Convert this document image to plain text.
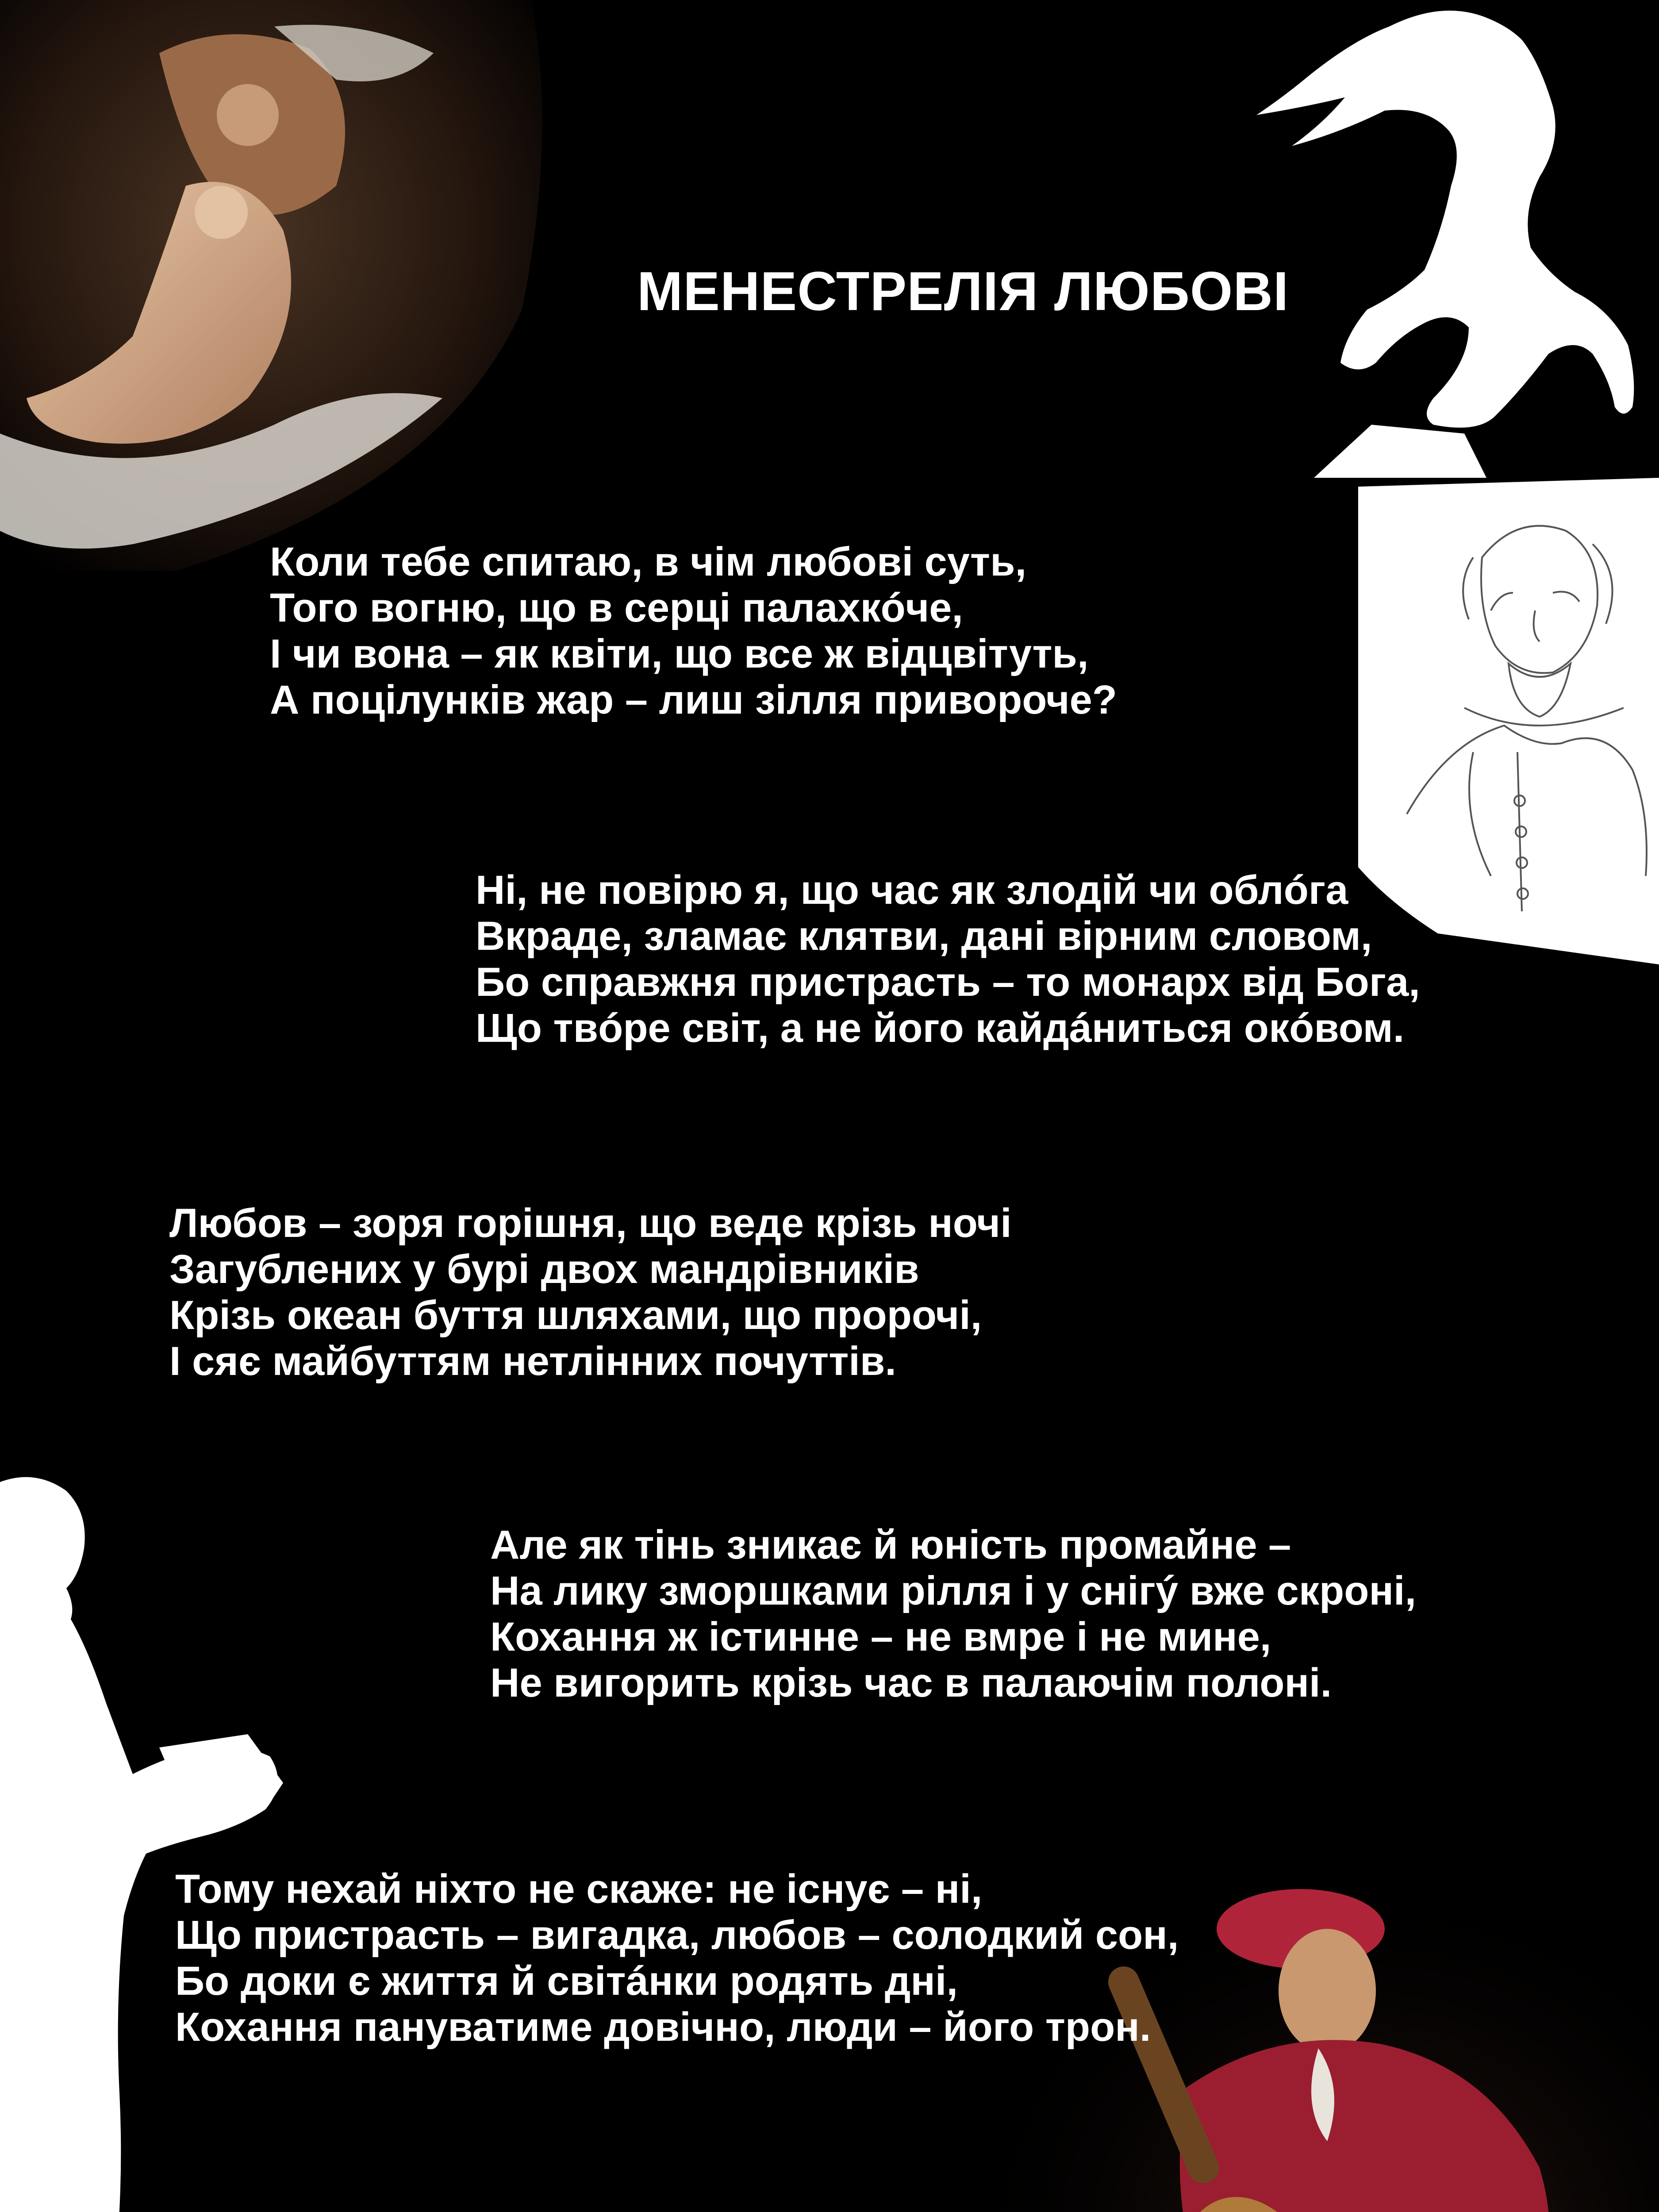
МЕНЕСТРЕЛІЯ ЛЮБОВІ
Коли тебе спитаю, в чім любові суть,
Того вогню, що в серці палахкóче,
І чи вона – як квіти, що все ж відцвітуть,
А поцілунків жар – лиш зілля привороче?
Ні, не повірю я, що час як злодій чи облóга
Вкраде, зламає клятви, дані вірним словом,
Бо справжня пристрасть – то монарх від Бога,
Що твóре світ, а не його кайдáниться окóвом.
Любов – зоря горішня, що веде крізь ночі
Загублених у бурі двох мандрівників
Крізь океан буття шляхами, що пророчі,
І сяє майбуттям нетлінних почуттів.
Але як тінь зникає й юність промайне –
На лику зморшками рілля і у снігý вже скроні,
Кохання ж істинне – не вмре і не мине,
Не вигорить крізь час в палаючім полоні.
Тому нехай ніхто не скаже: не існує – ні,
Що пристрасть – вигадка, любов – солодкий сон,
Бо доки є життя й світáнки родять дні,
Кохання пануватиме довічно, люди – його трон.
